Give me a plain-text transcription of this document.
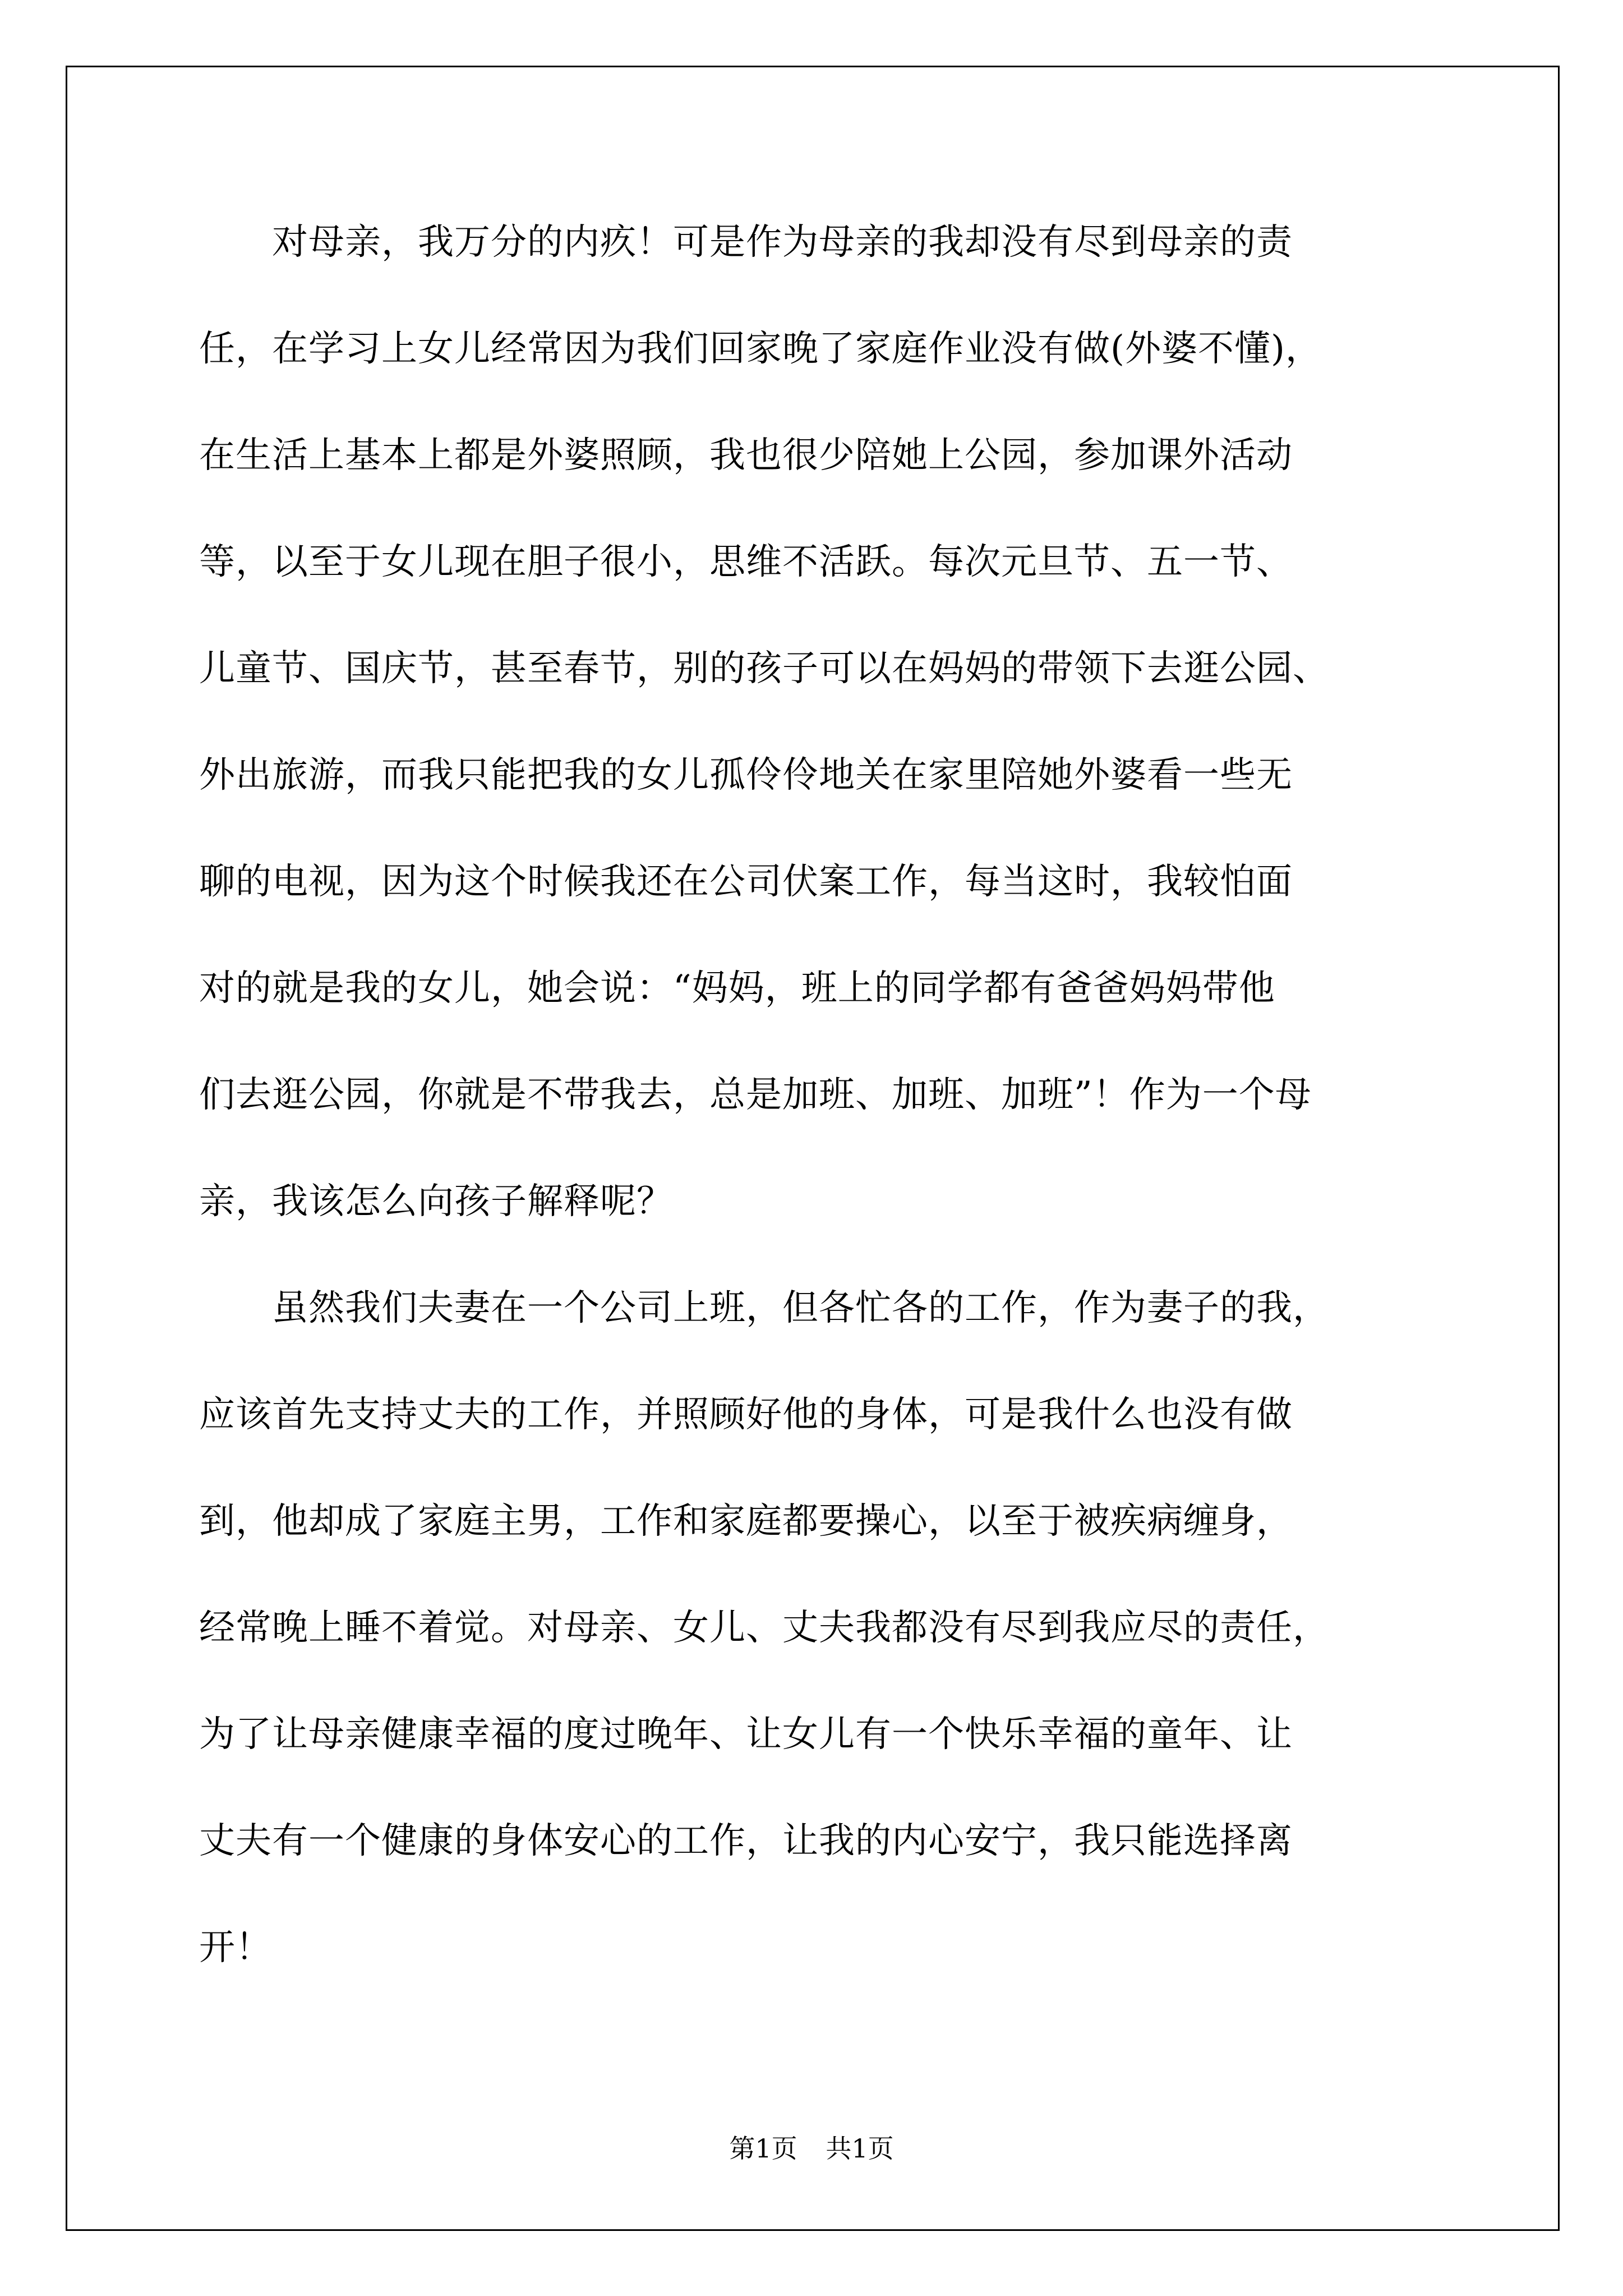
　　对母亲，我万分的内疚！可是作为母亲的我却没有尽到母亲的责
任，在学习上女儿经常因为我们回家晚了家庭作业没有做(外婆不懂)，
在生活上基本上都是外婆照顾，我也很少陪她上公园，参加课外活动
等，以至于女儿现在胆子很小，思维不活跃。每次元旦节、五一节、
儿童节、国庆节，甚至春节，别的孩子可以在妈妈的带领下去逛公园、
外出旅游，而我只能把我的女儿孤伶伶地关在家里陪她外婆看一些无
聊的电视，因为这个时候我还在公司伏案工作，每当这时，我较怕面
对的就是我的女儿，她会说：“妈妈，班上的同学都有爸爸妈妈带他
们去逛公园，你就是不带我去，总是加班、加班、加班”！作为一个母
亲，我该怎么向孩子解释呢？
　　虽然我们夫妻在一个公司上班，但各忙各的工作，作为妻子的我，
应该首先支持丈夫的工作，并照顾好他的身体，可是我什么也没有做
到，他却成了家庭主男，工作和家庭都要操心，以至于被疾病缠身，
经常晚上睡不着觉。对母亲、女儿、丈夫我都没有尽到我应尽的责任，
为了让母亲健康幸福的度过晚年、让女儿有一个快乐幸福的童年、让
丈夫有一个健康的身体安心的工作，让我的内心安宁，我只能选择离
开！
第1页 共1页
